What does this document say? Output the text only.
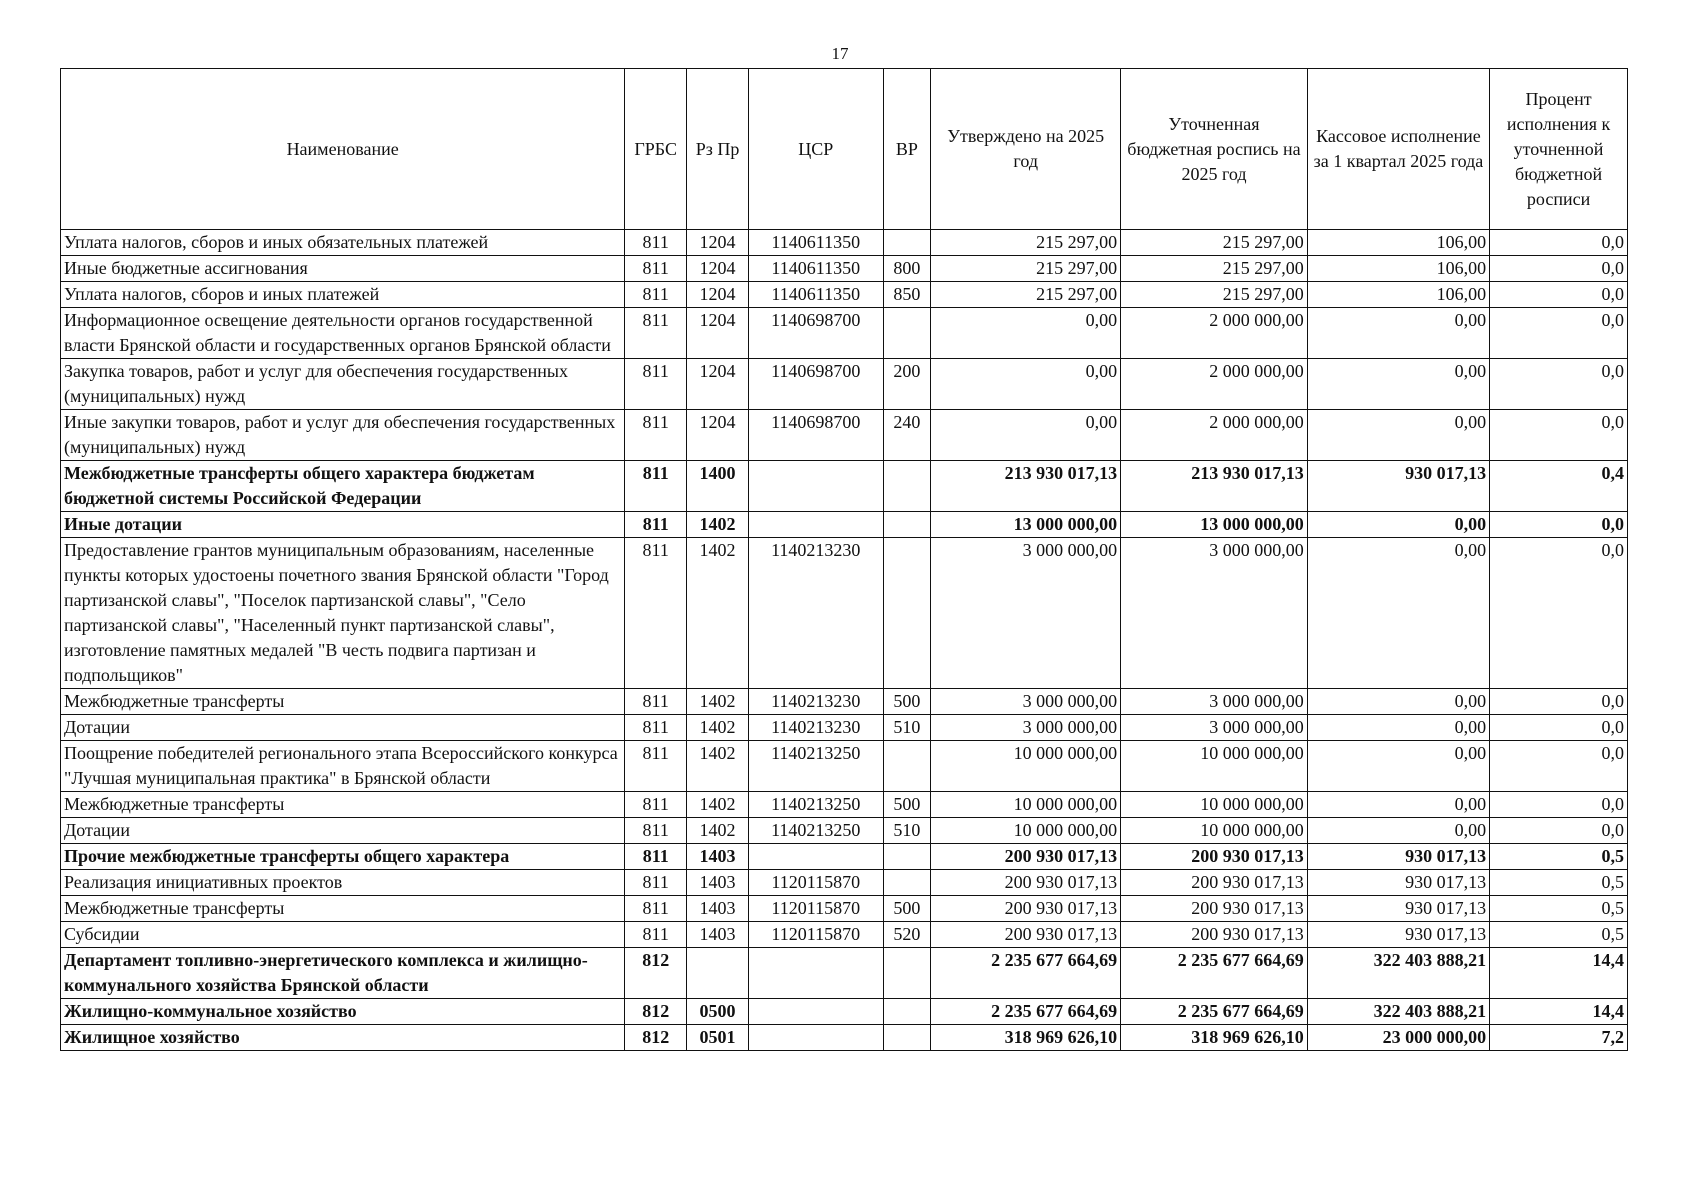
17
Наименование	ГРБС	Рз Пр	ЦСР	ВР	Утверждено на 2025 год	Уточненная бюджетная роспись на 2025 год	Кассовое исполнение за 1 квартал 2025 года	Процент исполнения к уточненной бюджетной росписи
Уплата налогов, сборов и иных обязательных платежей	811	1204	1140611350		215 297,00	215 297,00	106,00	0,0
Иные бюджетные ассигнования	811	1204	1140611350	800	215 297,00	215 297,00	106,00	0,0
Уплата налогов, сборов и иных платежей	811	1204	1140611350	850	215 297,00	215 297,00	106,00	0,0
Информационное освещение деятельности органов государственной власти Брянской области и государственных органов Брянской области	811	1204	1140698700		0,00	2 000 000,00	0,00	0,0
Закупка товаров, работ и услуг для обеспечения государственных (муниципальных) нужд	811	1204	1140698700	200	0,00	2 000 000,00	0,00	0,0
Иные закупки товаров, работ и услуг для обеспечения государственных (муниципальных) нужд	811	1204	1140698700	240	0,00	2 000 000,00	0,00	0,0
Межбюджетные трансферты общего характера бюджетам бюджетной системы Российской Федерации	811	1400			213 930 017,13	213 930 017,13	930 017,13	0,4
Иные дотации	811	1402			13 000 000,00	13 000 000,00	0,00	0,0
Предоставление грантов муниципальным образованиям, населенные пункты которых удостоены почетного звания Брянской области "Город партизанской славы", "Поселок партизанской славы", "Село партизанской славы", "Населенный пункт партизанской славы", изготовление памятных медалей "В честь подвига партизан и подпольщиков"	811	1402	1140213230		3 000 000,00	3 000 000,00	0,00	0,0
Межбюджетные трансферты	811	1402	1140213230	500	3 000 000,00	3 000 000,00	0,00	0,0
Дотации	811	1402	1140213230	510	3 000 000,00	3 000 000,00	0,00	0,0
Поощрение победителей регионального этапа Всероссийского конкурса "Лучшая муниципальная практика" в Брянской области	811	1402	1140213250		10 000 000,00	10 000 000,00	0,00	0,0
Межбюджетные трансферты	811	1402	1140213250	500	10 000 000,00	10 000 000,00	0,00	0,0
Дотации	811	1402	1140213250	510	10 000 000,00	10 000 000,00	0,00	0,0
Прочие межбюджетные трансферты общего характера	811	1403			200 930 017,13	200 930 017,13	930 017,13	0,5
Реализация инициативных проектов	811	1403	1120115870		200 930 017,13	200 930 017,13	930 017,13	0,5
Межбюджетные трансферты	811	1403	1120115870	500	200 930 017,13	200 930 017,13	930 017,13	0,5
Субсидии	811	1403	1120115870	520	200 930 017,13	200 930 017,13	930 017,13	0,5
Департамент топливно-энергетического комплекса и жилищно-коммунального хозяйства Брянской области	812				2 235 677 664,69	2 235 677 664,69	322 403 888,21	14,4
Жилищно-коммунальное хозяйство	812	0500			2 235 677 664,69	2 235 677 664,69	322 403 888,21	14,4
Жилищное хозяйство	812	0501			318 969 626,10	318 969 626,10	23 000 000,00	7,2
